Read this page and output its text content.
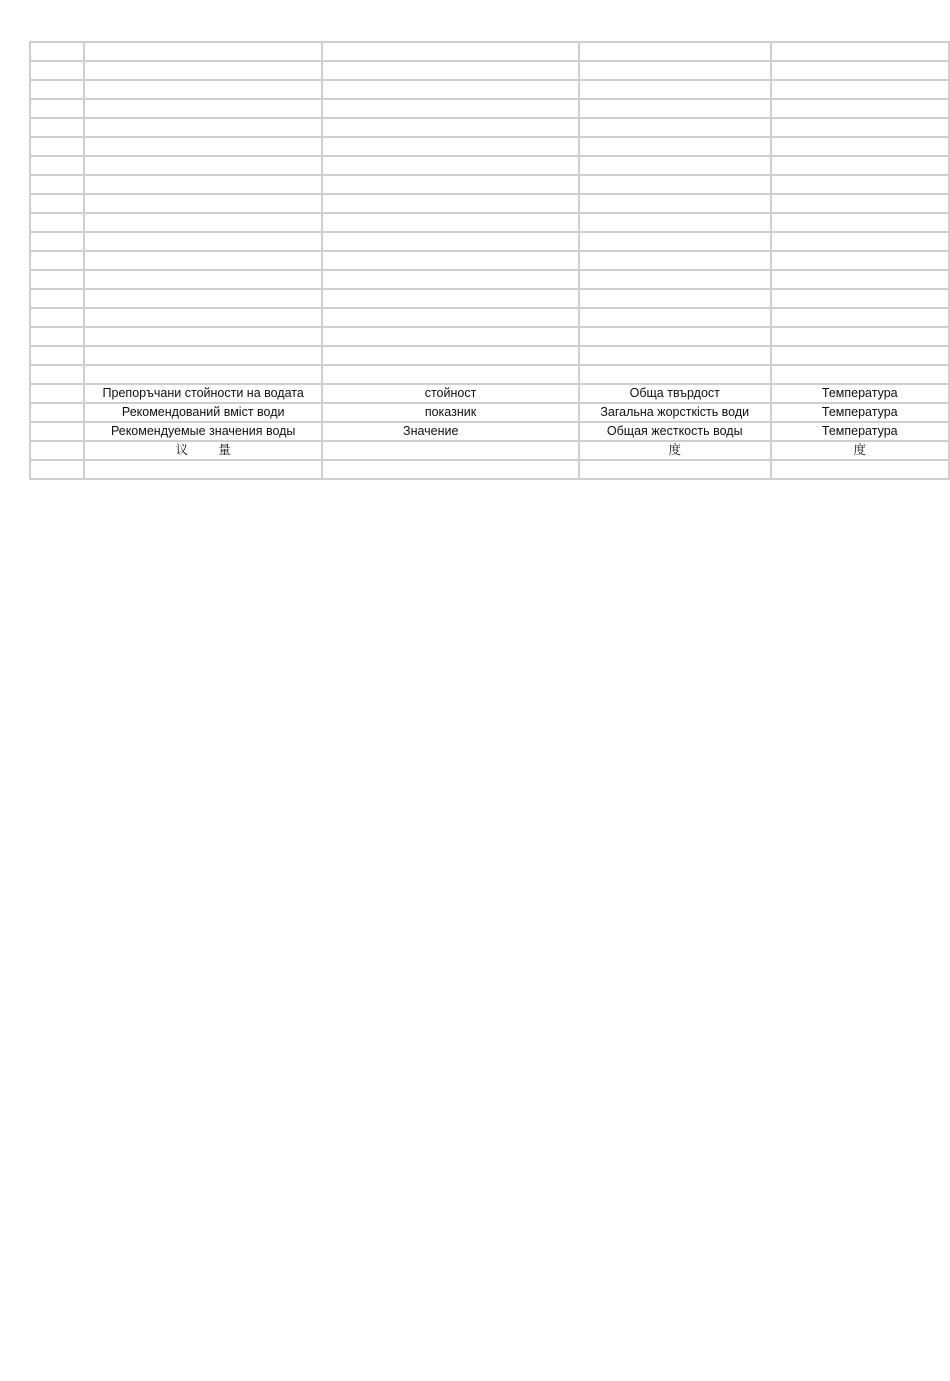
	Препоръчани стойности на водата	стойност	Обща твърдост	Температура
	Рекомендований вміст води	показник	Загальна жорсткість води	Температура
	Рекомендуемые значения воды	Значение	Общая жесткость воды	Температура
	议 量		度	度
